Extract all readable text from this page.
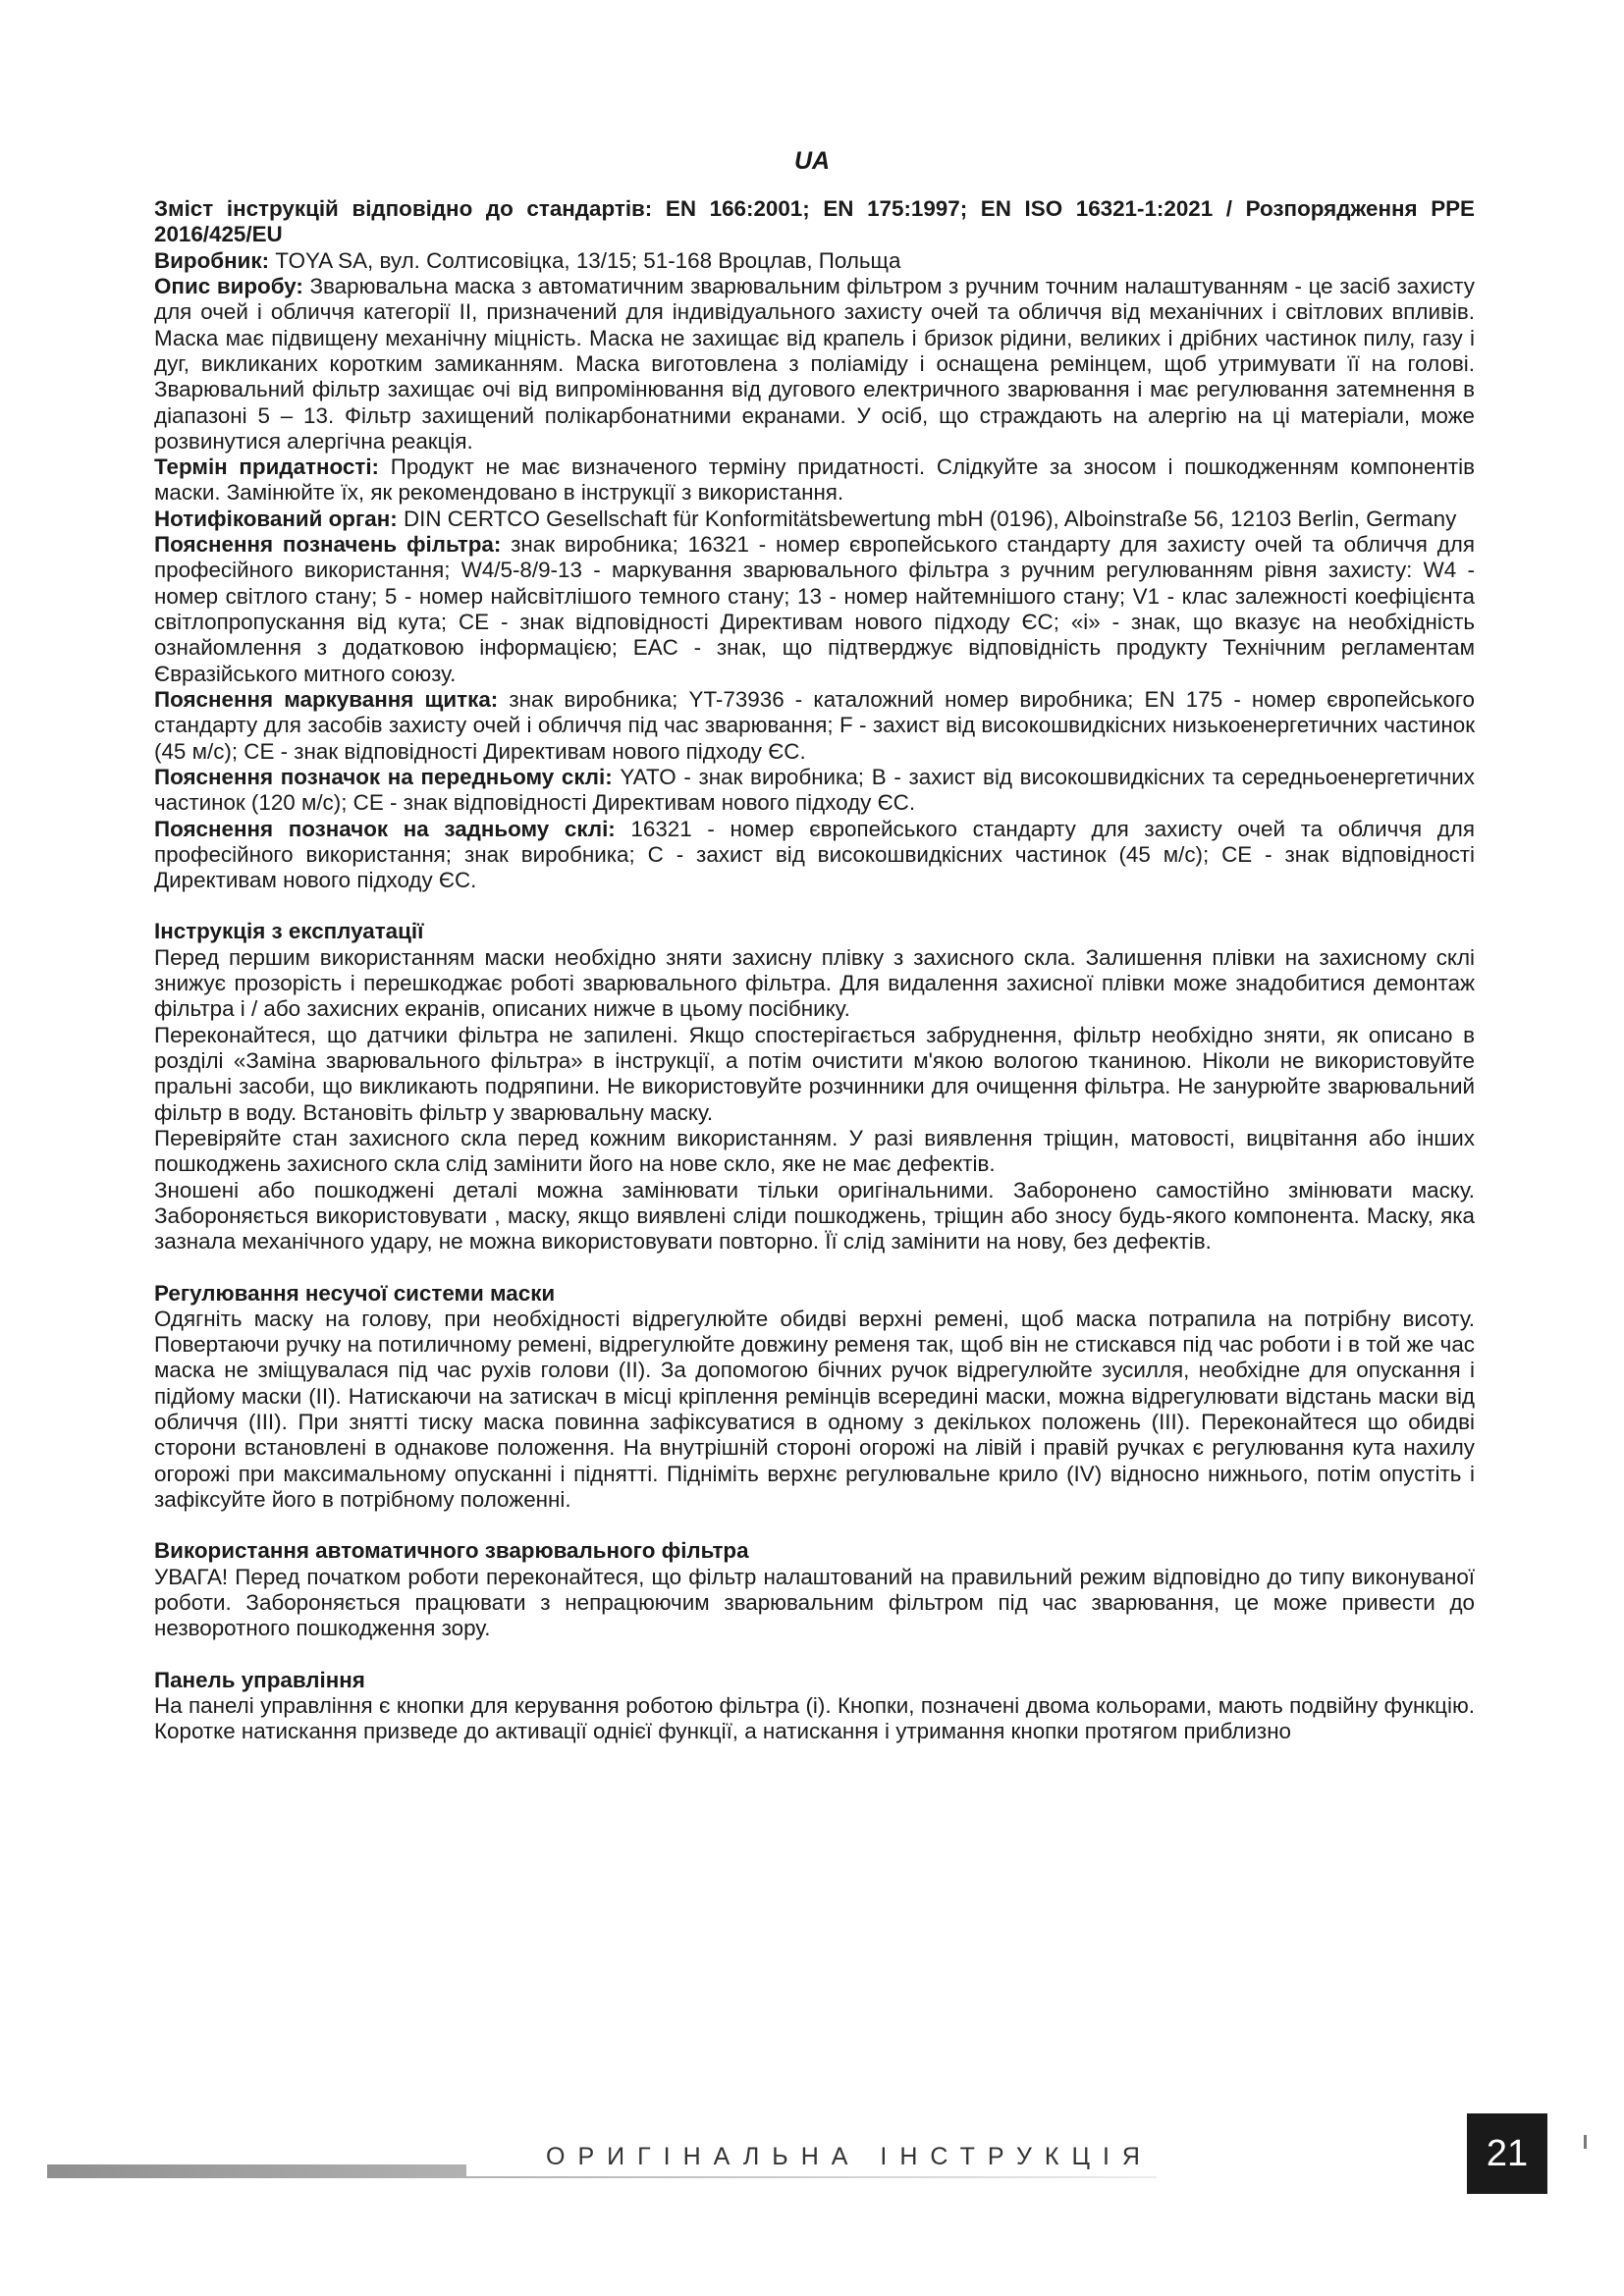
UA

Зміст інструкцій відповідно до стандартів: EN 166:2001; EN 175:1997; EN ISO 16321-1:2021 / Розпорядження PPE 2016/425/EU

Виробник: TOYA SA, вул. Солтисовіцка, 13/15; 51-168 Вроцлав, Польща

Опис виробу: Зварювальна маска з автоматичним зварювальним фільтром з ручним точним налаштуванням - це засіб захисту для очей і обличчя категорії II, призначений для індивідуального захисту очей та обличчя від механічних і світлових впливів. Маска має підвищену механічну міцність. Маска не захищає від крапель і бризок рідини, великих і дрібних частинок пилу, газу і дуг, викликаних коротким замиканням. Маска виготовлена з поліаміду і оснащена ремінцем, щоб утримувати її на голові. Зварювальний фільтр захищає очі від випромінювання від дугового електричного зварювання і має регулювання затемнення в діапазоні 5 – 13. Фільтр захищений полікарбонатними екранами. У осіб, що страждають на алергію на ці матеріали, може розвинутися алергічна реакція.

Термін придатності: Продукт не має визначеного терміну придатності. Слідкуйте за зносом і пошкодженням компонентів маски. Замінюйте їх, як рекомендовано в інструкції з використання.

Нотифікований орган: DIN CERTCO Gesellschaft für Konformitätsbewertung mbH (0196), Alboinstraße 56, 12103 Berlin, Germany

Пояснення позначень фільтра: знак виробника; 16321 - номер європейського стандарту для захисту очей та обличчя для професійного використання; W4/5-8/9-13 - маркування зварювального фільтра з ручним регулюванням рівня захисту: W4 - номер світлого стану; 5 - номер найсвітлішого темного стану; 13 - номер найтемнішого стану; V1 - клас залежності коефіцієнта світлопропускання від кута; CE - знак відповідності Директивам нового підходу ЄС; «i» - знак, що вказує на необхідність ознайомлення з додатковою інформацією; EAC - знак, що підтверджує відповідність продукту Технічним регламентам Євразійського митного союзу.

Пояснення маркування щитка: знак виробника; YT-73936 - каталожний номер виробника; EN 175 - номер європейського стандарту для засобів захисту очей і обличчя під час зварювання; F - захист від високошвидкісних низькоенергетичних частинок (45 м/с); CE - знак відповідності Директивам нового підходу ЄС.

Пояснення позначок на передньому склі: YATO - знак виробника; B - захист від високошвидкісних та середньоенергетичних частинок (120 м/с); CE - знак відповідності Директивам нового підходу ЄС.

Пояснення позначок на задньому склі: 16321 - номер європейського стандарту для захисту очей та обличчя для професійного використання; знак виробника; C - захист від високошвидкісних частинок (45 м/с); CE - знак відповідності Директивам нового підходу ЄС.

Інструкція з експлуатації

Перед першим використанням маски необхідно зняти захисну плівку з захисного скла. Залишення плівки на захисному склі знижує прозорість і перешкоджає роботі зварювального фільтра. Для видалення захисної плівки може знадобитися демонтаж фільтра і / або захисних екранів, описаних нижче в цьому посібнику.

Переконайтеся, що датчики фільтра не запилені. Якщо спостерігається забруднення, фільтр необхідно зняти, як описано в розділі «Заміна зварювального фільтра» в інструкції, а потім очистити м'якою вологою тканиною. Ніколи не використовуйте пральні засоби, що викликають подряпини. Не використовуйте розчинники для очищення фільтра. Не занурюйте зварювальний фільтр в воду. Встановіть фільтр у зварювальну маску.

Перевіряйте стан захисного скла перед кожним використанням. У разі виявлення тріщин, матовості, вицвітання або інших пошкоджень захисного скла слід замінити його на нове скло, яке не має дефектів.

Зношені або пошкоджені деталі можна замінювати тільки оригінальними. Заборонено самостійно змінювати маску. Забороняється використовувати , маску, якщо виявлені сліди пошкоджень, тріщин або зносу будь-якого компонента. Маску, яка зазнала механічного удару, не можна використовувати повторно. Її слід замінити на нову, без дефектів.

Регулювання несучої системи маски

Одягніть маску на голову, при необхідності відрегулюйте обидві верхні ремені, щоб маска потрапила на потрібну висоту. Повертаючи ручку на потиличному ремені, відрегулюйте довжину ременя так, щоб він не стискався під час роботи і в той же час маска не зміщувалася під час рухів голови (II). За допомогою бічних ручок відрегулюйте зусилля, необхідне для опускання і підйому маски (II). Натискаючи на затискач в місці кріплення ремінців всередині маски, можна відрегулювати відстань маски від обличчя (III). При знятті тиску маска повинна зафіксуватися в одному з декількох положень (III). Переконайтеся що обидві сторони встановлені в однакове положення. На внутрішній стороні огорожі на лівій і правій ручках є регулювання кута нахилу огорожі при максимальному опусканні і піднятті. Підніміть верхнє регулювальне крило (IV) відносно нижнього, потім опустіть і зафіксуйте його в потрібному положенні.

Використання автоматичного зварювального фільтра

УВАГА! Перед початком роботи переконайтеся, що фільтр налаштований на правильний режим відповідно до типу виконуваної роботи. Забороняється працювати з непрацюючим зварювальним фільтром під час зварювання, це може привести до незворотного пошкодження зору.

Панель управління

На панелі управління є кнопки для керування роботою фільтра (i). Кнопки, позначені двома кольорами, мають подвійну функцію. Коротке натискання призведе до активації однієї функції, а натискання і утримання кнопки протягом приблизно

ОРИГІНАЛЬНА ІНСТРУКЦІЯ	21
